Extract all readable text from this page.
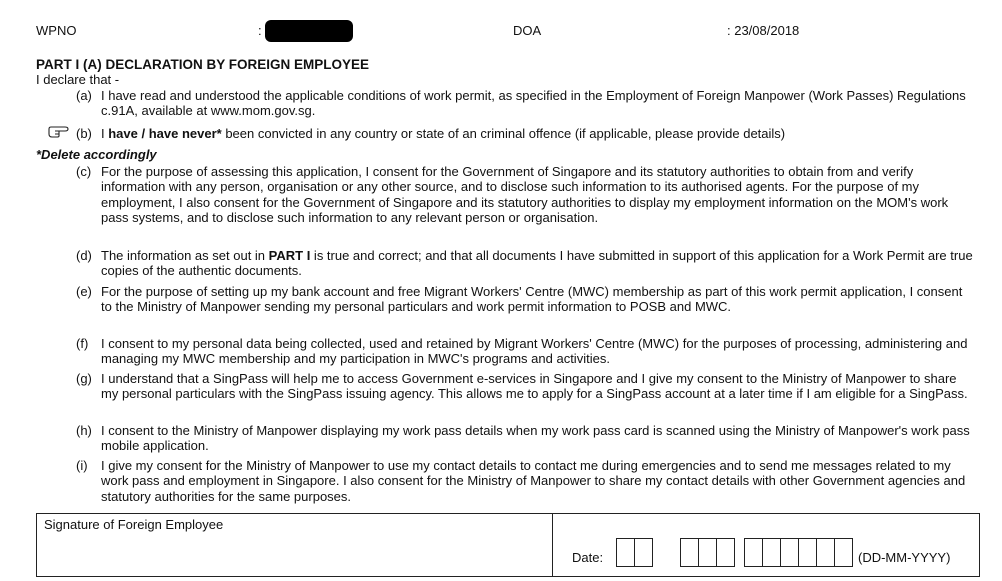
WPNO	:	DOA	: 23/08/2018
PART I (A) DECLARATION BY FOREIGN EMPLOYEE
I declare that -
(a) I have read and understood the applicable conditions of work permit, as specified in the Employment of Foreign Manpower (Work Passes) Regulations c.91A, available at www.mom.gov.sg.
(b) I have / have never* been convicted in any country or state of an criminal offence (if applicable, please provide details)
*Delete accordingly
(c) For the purpose of assessing this application, I consent for the Government of Singapore and its statutory authorities to obtain from and verify information with any person, organisation or any other source, and to disclose such information to its authorised agents. For the purpose of my employment, I also consent for the Government of Singapore and its statutory authorities to display my employment information on the MOM's work pass systems, and to disclose such information to any relevant person or organisation.
(d) The information as set out in PART I is true and correct; and that all documents I have submitted in support of this application for a Work Permit are true copies of the authentic documents.
(e) For the purpose of setting up my bank account and free Migrant Workers' Centre (MWC) membership as part of this work permit application, I consent to the Ministry of Manpower sending my personal particulars and work permit information to POSB and MWC.
(f) I consent to my personal data being collected, used and retained by Migrant Workers' Centre (MWC) for the purposes of processing, administering and managing my MWC membership and my participation in MWC's programs and activities.
(g) I understand that a SingPass will help me to access Government e-services in Singapore and I give my consent to the Ministry of Manpower to share my personal particulars with the SingPass issuing agency. This allows me to apply for a SingPass account at a later time if I am eligible for a SingPass.
(h) I consent to the Ministry of Manpower displaying my work pass details when my work pass card is scanned using the Ministry of Manpower's work pass mobile application.
(i) I give my consent for the Ministry of Manpower to use my contact details to contact me during emergencies and to send me messages related to my work pass and employment in Singapore. I also consent for the Ministry of Manpower to share my contact details with other Government agencies and statutory authorities for the same purposes.
Signature of Foreign Employee
Date:	(DD-MM-YYYY)
